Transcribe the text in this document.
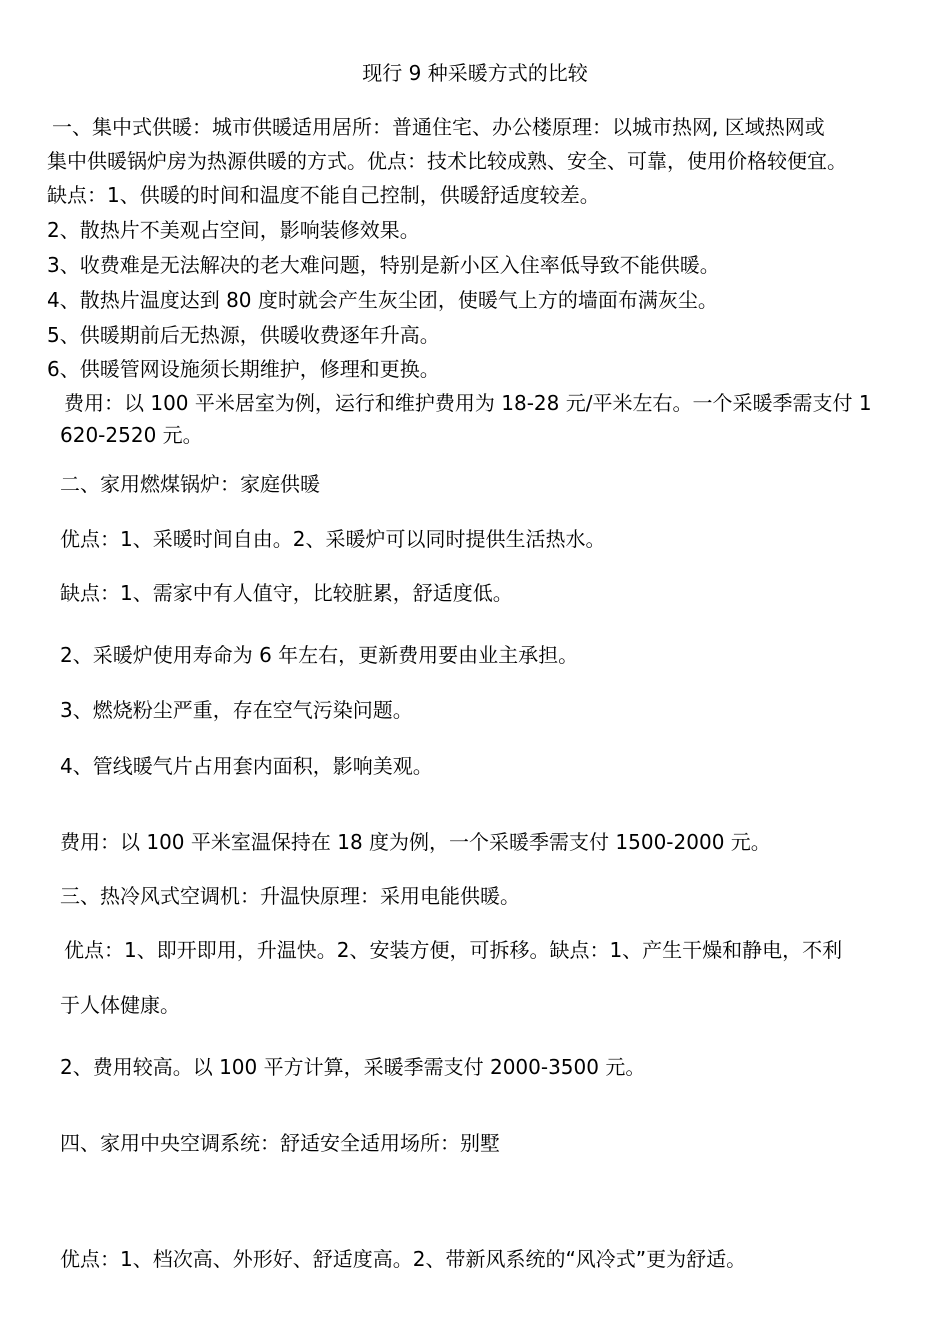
现行 9 种采暖方式的比较
一、集中式供暖：城市供暖适用居所：普通住宅、办公楼原理：以城市热网, 区域热网或
集中供暖锅炉房为热源供暖的方式。优点：技术比较成熟、安全、可靠，使用价格较便宜。
缺点：1、供暖的时间和温度不能自己控制，供暖舒适度较差。
2、散热片不美观占空间，影响装修效果。
3、收费难是无法解决的老大难问题，特别是新小区入住率低导致不能供暖。
4、散热片温度达到 80 度时就会产生灰尘团，使暖气上方的墙面布满灰尘。
5、供暖期前后无热源，供暖收费逐年升高。
6、供暖管网设施须长期维护，修理和更换。
费用：以 100 平米居室为例，运行和维护费用为 18-28 元/平米左右。一个采暖季需支付 1
620-2520 元。
二、家用燃煤锅炉：家庭供暖
优点：1、采暖时间自由。2、采暖炉可以同时提供生活热水。
缺点：1、需家中有人值守，比较脏累，舒适度低。
2、采暖炉使用寿命为 6 年左右，更新费用要由业主承担。
3、燃烧粉尘严重，存在空气污染问题。
4、管线暖气片占用套内面积，影响美观。
费用：以 100 平米室温保持在 18 度为例，一个采暖季需支付 1500-2000 元。
三、热冷风式空调机：升温快原理：采用电能供暖。
优点：1、即开即用，升温快。2、安装方便，可拆移。缺点：1、产生干燥和静电，不利
于人体健康。
2、费用较高。以 100 平方计算，采暖季需支付 2000-3500 元。
四、家用中央空调系统：舒适安全适用场所：别墅
优点：1、档次高、外形好、舒适度高。2、带新风系统的“风冷式”更为舒适。
